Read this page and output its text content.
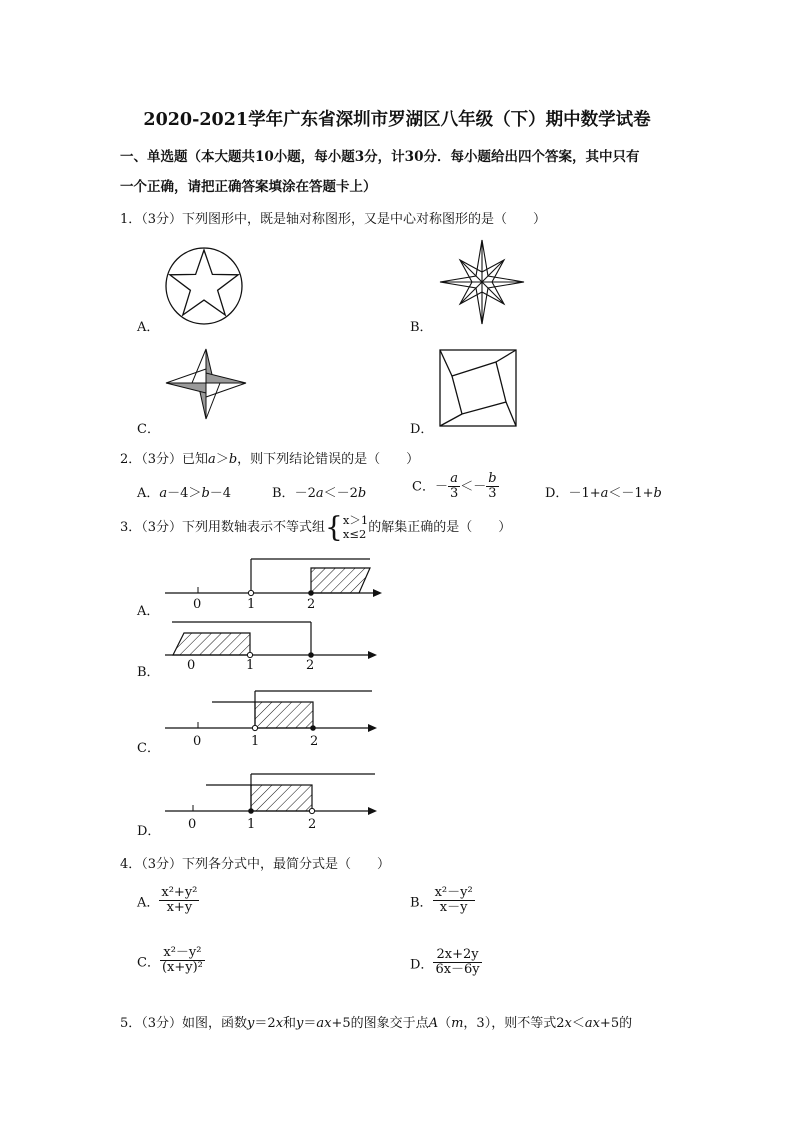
2020-2021学年广东省深圳市罗湖区八年级（下）期中数学试卷
一、单选题（本大题共10小题，每小题3分，计30分．每小题给出四个答案，其中只有
一个正确，请把正确答案填涂在答题卡上）
1．（3分）下列图形中，既是轴对称图形，又是中心对称图形的是（　　）
A．	B．
C．	D．
2．（3分）已知a＞b，则下列结论错误的是（　　）
A．a－4＞b－4	B．－2a＜－2b	C．－ $\frac{a}{3} <- \frac{b}{3}$	D．－1+a＜－1+b
3．（3分）下列用数轴表示不等式组{ x＞1
x≤2 的解集正确的是（　　）
A．	0	1	2
B． 0	1	2
C．	0	1	2
D． 0	1	2
4．（3分）下列各分式中，最简分式是（　　）
A． $\frac{\text{x²+y²}}{x+y}$	B． $\frac{\text{x²－y²}}{x-y}$
C． $\frac{\text{x²－y²}}{\text{(x+y)²}}$	D． $\frac{2x+2y}{6x-6y}$
5．（3分）如图，函数y＝2x和y＝ax+5的图象交于点A（m，3），则不等式2x＜ax+5的
